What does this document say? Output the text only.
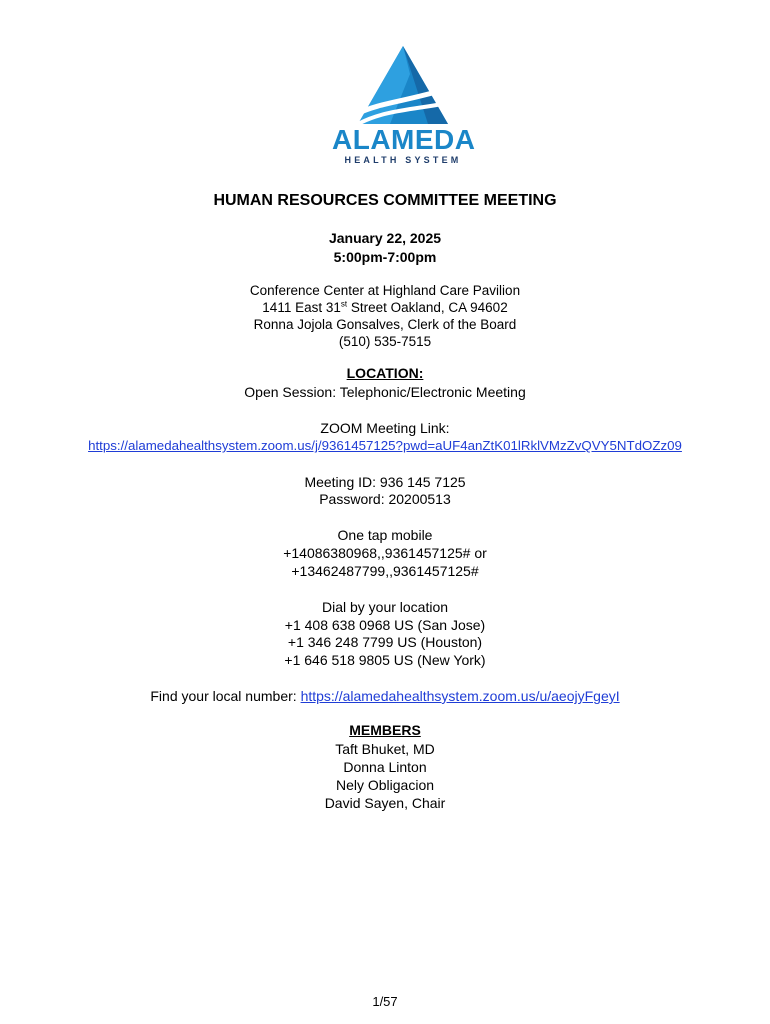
ALAMEDA
HEALTH SYSTEM
HUMAN RESOURCES COMMITTEE MEETING
January 22, 2025
5:00pm-7:00pm
Conference Center at Highland Care Pavilion
1411 East 31st Street Oakland, CA 94602
Ronna Jojola Gonsalves, Clerk of the Board
(510) 535-7515
LOCATION:
Open Session: Telephonic/Electronic Meeting
ZOOM Meeting Link:
https://alamedahealthsystem.zoom.us/j/9361457125?pwd=aUF4anZtK01lRklVMzZvQVY5NTdOZz09
Meeting ID: 936 145 7125
Password: 20200513
One tap mobile
+14086380968,,9361457125# or
+13462487799,,9361457125#
Dial by your location
+1 408 638 0968 US (San Jose)
+1 346 248 7799 US (Houston)
+1 646 518 9805 US (New York)
Find your local number: https://alamedahealthsystem.zoom.us/u/aeojyFgeyI
MEMBERS
Taft Bhuket, MD
Donna Linton
Nely Obligacion
David Sayen, Chair
1/57
